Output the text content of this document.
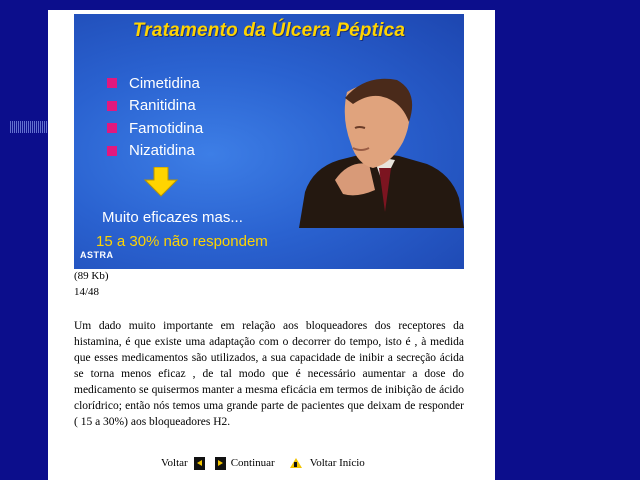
Tratamento da Úlcera Péptica
Cimetidina
Ranitidina
Famotidina
Nizatidina
Muito eficazes mas...
15 a 30% não respondem
ASTRA
(89 Kb)
14/48

Um dado muito importante em relação aos bloqueadores dos receptores da histamina, é que existe uma adaptação com o decorrer do tempo, isto é , à medida que esses medicamentos são utilizados, a sua capacidade de inibir a secreção ácida se torna menos eficaz , de tal modo que é necessário aumentar a dose do medicamento se quisermos manter a mesma eficácia em termos de inibição de ácido clorídrico; então nós temos uma grande parte de pacientes que deixam de responder ( 15 a 30%) aos bloqueadores H2.

Voltar	Continuar	Voltar Início
